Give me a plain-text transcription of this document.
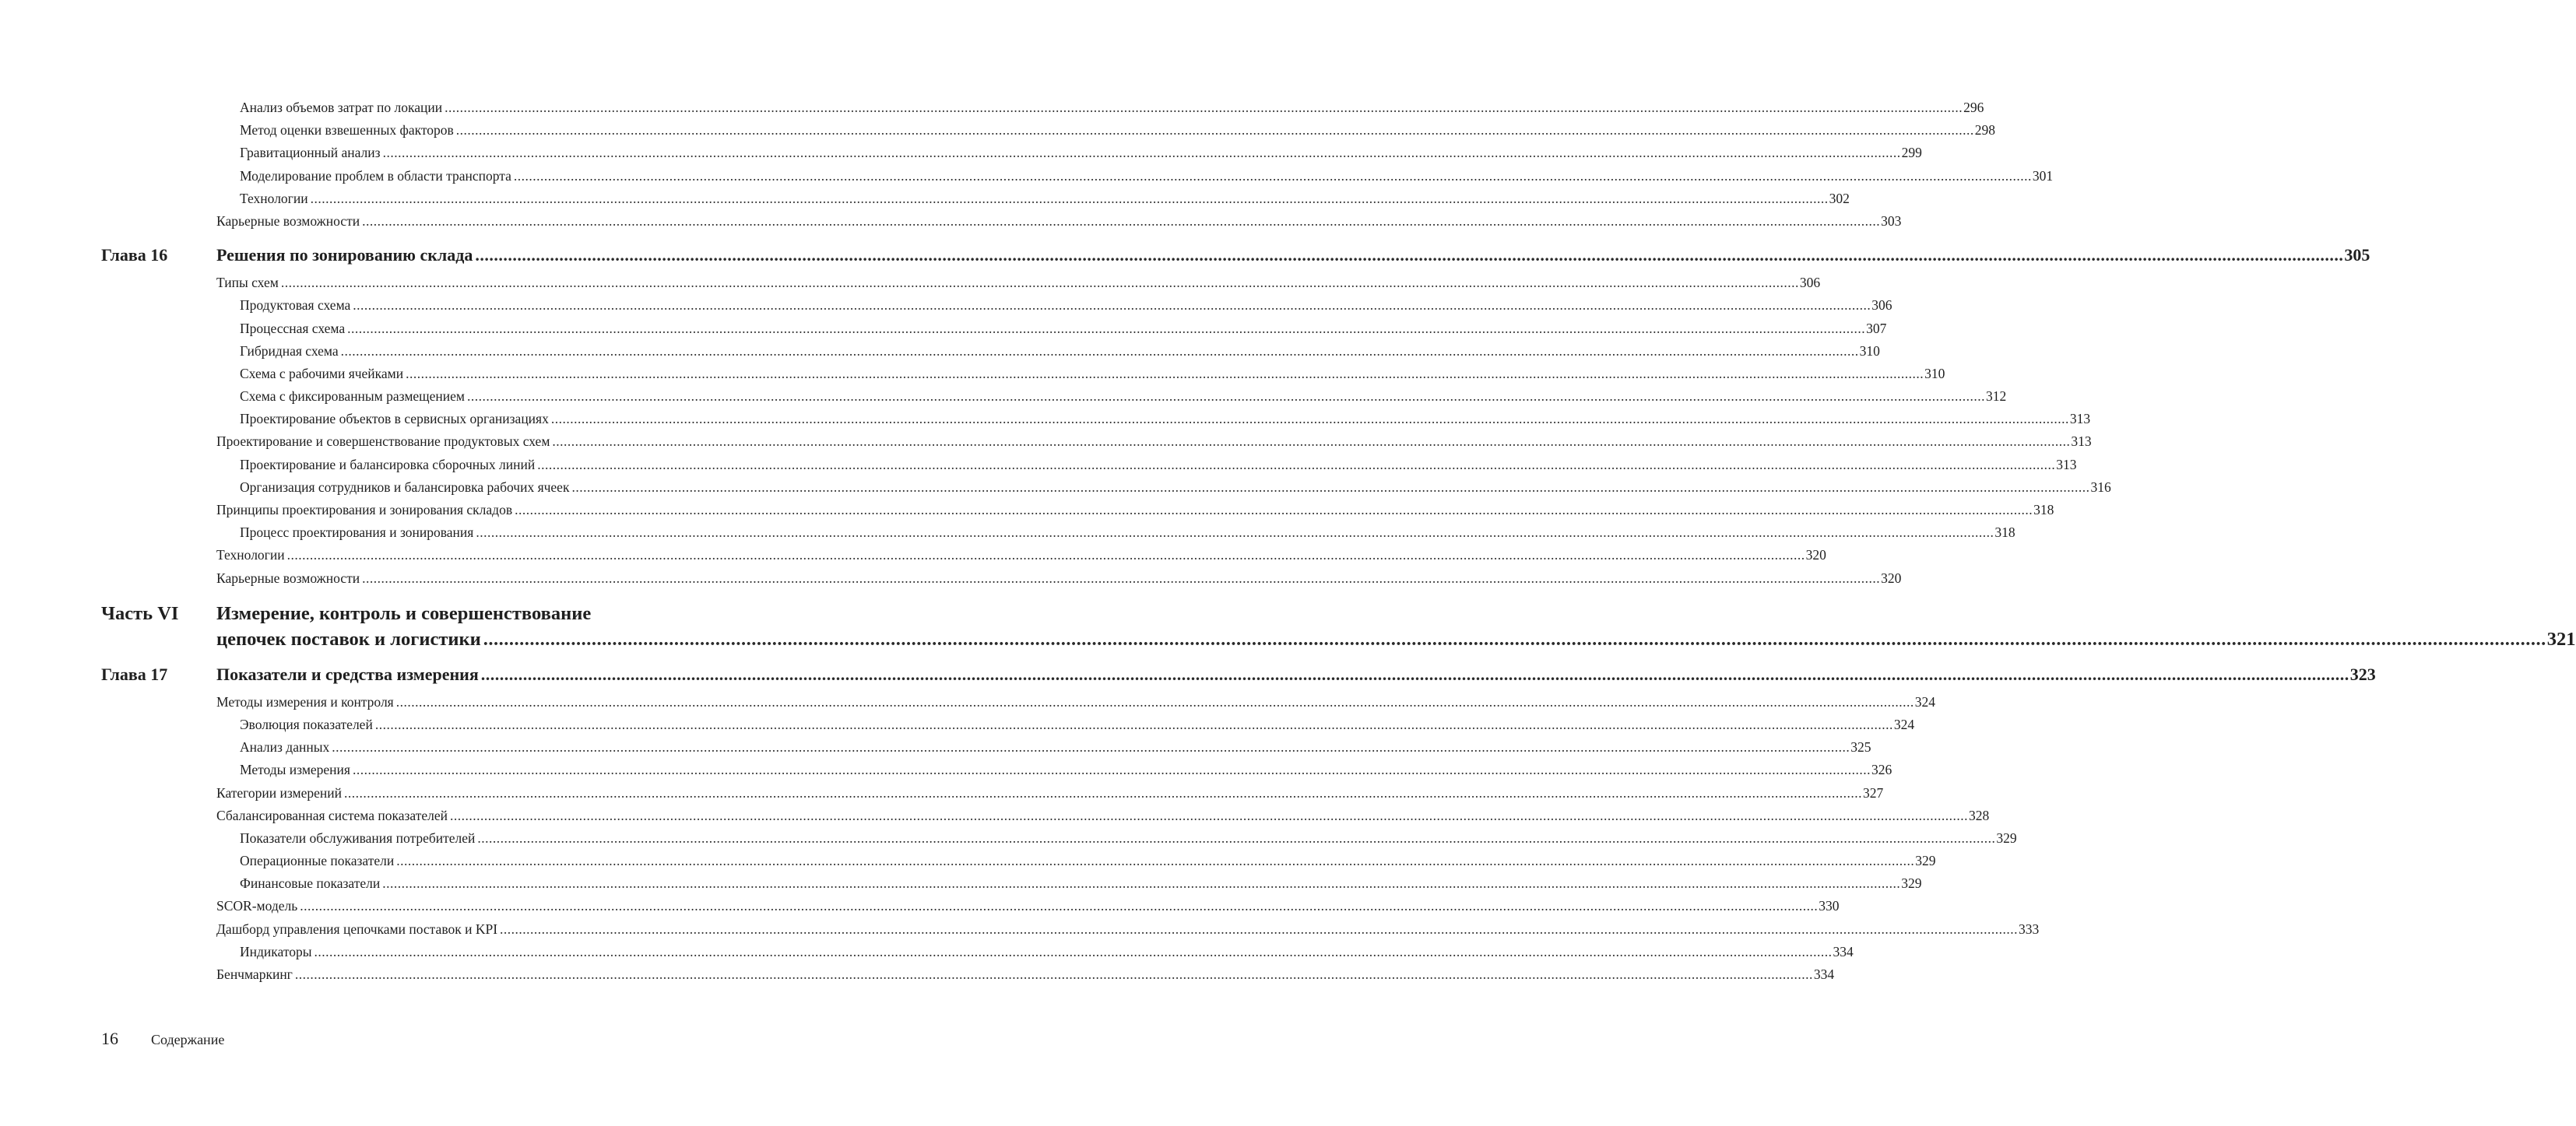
Анализ объемов затрат по локации ................................................................................................................................................................................................................................................................................................................................................................................................................ 296
Метод оценки взвешенных факторов ................................................................................................................................................................................................................................................................................................................................................................................................................ 298
Гравитационный анализ ................................................................................................................................................................................................................................................................................................................................................................................................................ 299
Моделирование проблем в области транспорта ................................................................................................................................................................................................................................................................................................................................................................................................................ 301
Технологии ................................................................................................................................................................................................................................................................................................................................................................................................................ 302
Карьерные возможности ................................................................................................................................................................................................................................................................................................................................................................................................................ 303
Глава 16	Решения по зонированию склада ................................................................................................................................................................................................................................................................................................................................................................................................................ 305
Типы схем ................................................................................................................................................................................................................................................................................................................................................................................................................ 306
Продуктовая схема ................................................................................................................................................................................................................................................................................................................................................................................................................ 306
Процессная схема ................................................................................................................................................................................................................................................................................................................................................................................................................ 307
Гибридная схема ................................................................................................................................................................................................................................................................................................................................................................................................................ 310
Схема с рабочими ячейками ................................................................................................................................................................................................................................................................................................................................................................................................................ 310
Схема с фиксированным размещением ................................................................................................................................................................................................................................................................................................................................................................................................................ 312
Проектирование объектов в сервисных организациях ................................................................................................................................................................................................................................................................................................................................................................................................................ 313
Проектирование и совершенствование продуктовых схем ................................................................................................................................................................................................................................................................................................................................................................................................................ 313
Проектирование и балансировка сборочных линий ................................................................................................................................................................................................................................................................................................................................................................................................................ 313
Организация сотрудников и балансировка рабочих ячеек ................................................................................................................................................................................................................................................................................................................................................................................................................ 316
Принципы проектирования и зонирования складов ................................................................................................................................................................................................................................................................................................................................................................................................................ 318
Процесс проектирования и зонирования ................................................................................................................................................................................................................................................................................................................................................................................................................ 318
Технологии ................................................................................................................................................................................................................................................................................................................................................................................................................ 320
Карьерные возможности ................................................................................................................................................................................................................................................................................................................................................................................................................ 320
Часть VI Измерение, контроль и совершенствование
цепочек поставок и логистики ................................................................................................................................................................................................................................................................................................................................................................................................................ 321
Глава 17	Показатели и средства измерения ................................................................................................................................................................................................................................................................................................................................................................................................................ 323
Методы измерения и контроля ................................................................................................................................................................................................................................................................................................................................................................................................................ 324
Эволюция показателей ................................................................................................................................................................................................................................................................................................................................................................................................................ 324
Анализ данных ................................................................................................................................................................................................................................................................................................................................................................................................................ 325
Методы измерения ................................................................................................................................................................................................................................................................................................................................................................................................................ 326
Категории измерений ................................................................................................................................................................................................................................................................................................................................................................................................................ 327
Сбалансированная система показателей ................................................................................................................................................................................................................................................................................................................................................................................................................ 328
Показатели обслуживания потребителей ................................................................................................................................................................................................................................................................................................................................................................................................................ 329
Операционные показатели ................................................................................................................................................................................................................................................................................................................................................................................................................ 329
Финансовые показатели ................................................................................................................................................................................................................................................................................................................................................................................................................ 329
SCOR-модель ................................................................................................................................................................................................................................................................................................................................................................................................................ 330
Дашборд управления цепочками поставок и KPI ................................................................................................................................................................................................................................................................................................................................................................................................................ 333
Индикаторы ................................................................................................................................................................................................................................................................................................................................................................................................................ 334
Бенчмаркинг ................................................................................................................................................................................................................................................................................................................................................................................................................ 334
16 Содержание
